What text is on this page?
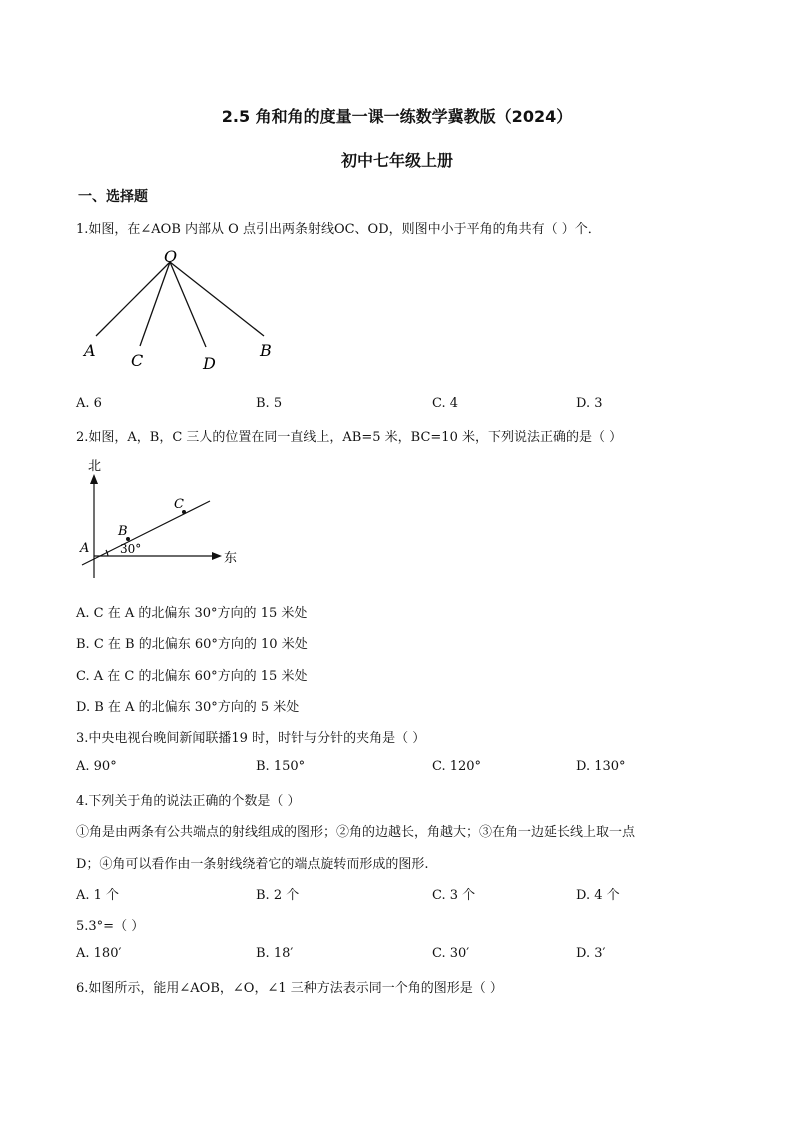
2.5 角和角的度量一课一练数学冀教版（2024）
初中七年级上册
一、选择题
1.如图，在∠AOB 内部从 O 点引出两条射线OC、OD，则图中小于平角的角共有（ ）个．
O
A
C	D
B
A. 6	B. 5	C. 4	D. 3
2.如图，A，B，C 三人的位置在同一直线上，AB=5 米，BC=10 米，下列说法正确的是（ ）
北
东
A
B
C
30°
A. C 在 A 的北偏东 30°方向的 15 米处
B. C 在 B 的北偏东 60°方向的 10 米处
C. A 在 C 的北偏东 60°方向的 15 米处
D. B 在 A 的北偏东 30°方向的 5 米处
3.中央电视台晚间新闻联播19 时，时针与分针的夹角是（ ）
A. 90°	B. 150°	C. 120°	D. 130°
4.下列关于角的说法正确的个数是（ ）
①角是由两条有公共端点的射线组成的图形；②角的边越长，角越大；③在角一边延长线上取一点
D；④角可以看作由一条射线绕着它的端点旋转而形成的图形.
A. 1 个	B. 2 个	C. 3 个	D. 4 个
5.3°=（ ）
A. 180′	B. 18′	C. 30′	D. 3′
6.如图所示，能用∠AOB，∠O，∠1 三种方法表示同一个角的图形是（ ）
